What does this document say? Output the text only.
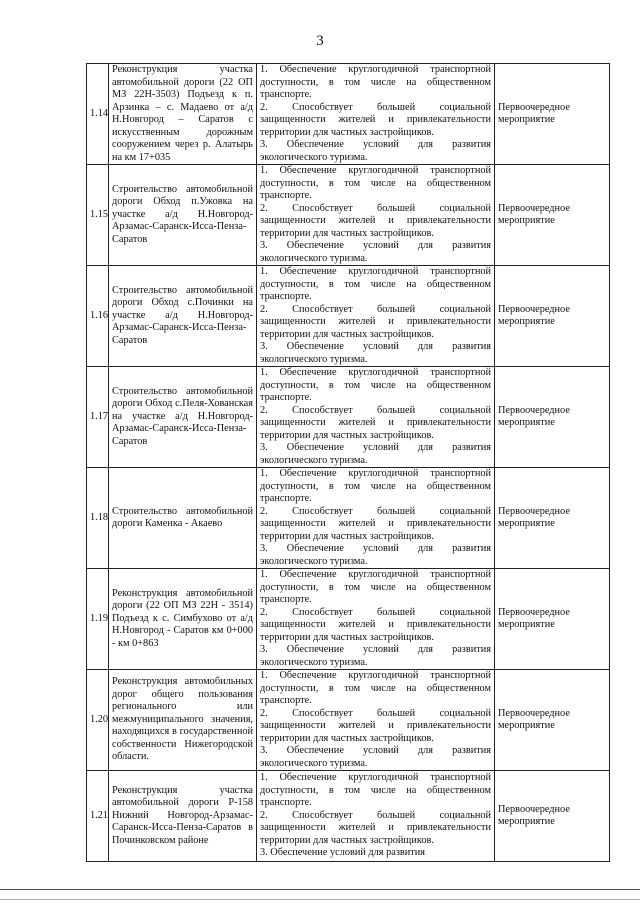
3
1.14	Реконструкция участка автомобильной дороги (22 ОП МЗ 22Н-3503) Подъезд к п. Арзинка – с. Мадаево от а/д Н.Новгород – Саратов с искусственным дорожным сооружением через р. Алатырь на км 17+035	1. Обеспечение круглогодичной транспортной доступности, в том числе на общественном транспорте.
2. Способствует большей социальной защищенности жителей и привлекательности территории для частных застройщиков.
3. Обеспечение условий для развития экологического туризма.	Первоочередное мероприятие
1.15	Строительство автомобильной дороги Обход п.Ужовка на участке а/д Н.Новгород-Арзамас-Саранск-Исса-Пенза-Саратов	1. Обеспечение круглогодичной транспортной доступности, в том числе на общественном транспорте.
2. Способствует большей социальной защищенности жителей и привлекательности территории для частных застройщиков.
3. Обеспечение условий для развития экологического туризма.	Первоочередное мероприятие
1.16	Строительство автомобильной дороги Обход с.Починки на участке а/д Н.Новгород-Арзамас-Саранск-Исса-Пенза-Саратов	1. Обеспечение круглогодичной транспортной доступности, в том числе на общественном транспорте.
2. Способствует большей социальной защищенности жителей и привлекательности территории для частных застройщиков.
3. Обеспечение условий для развития экологического туризма.	Первоочередное мероприятие
1.17	Строительство автомобильной дороги Обход с.Пеля-Хованская на участке а/д Н.Новгород-Арзамас-Саранск-Исса-Пенза-Саратов	1. Обеспечение круглогодичной транспортной доступности, в том числе на общественном транспорте.
2. Способствует большей социальной защищенности жителей и привлекательности территории для частных застройщиков.
3. Обеспечение условий для развития экологического туризма.	Первоочередное мероприятие
1.18	Строительство автомобильной дороги Каменка - Акаево	1. Обеспечение круглогодичной транспортной доступности, в том числе на общественном транспорте.
2. Способствует большей социальной защищенности жителей и привлекательности территории для частных застройщиков.
3. Обеспечение условий для развития экологического туризма.	Первоочередное мероприятие
1.19	Реконструкция автомобильной дороги (22 ОП МЗ 22Н - 3514) Подъезд к с. Симбухово от а/д Н.Новгород - Саратов км 0+000 - км 0+863	1. Обеспечение круглогодичной транспортной доступности, в том числе на общественном транспорте.
2. Способствует большей социальной защищенности жителей и привлекательности территории для частных застройщиков.
3. Обеспечение условий для развития экологического туризма.	Первоочередное мероприятие
1.20	Реконструкция автомобильных дорог общего пользования регионального или межмуниципального значения, находящихся в государственной собственности Нижегородской области.	1. Обеспечение круглогодичной транспортной доступности, в том числе на общественном транспорте.
2. Способствует большей социальной защищенности жителей и привлекательности территории для частных застройщиков.
3. Обеспечение условий для развития экологического туризма.	Первоочередное мероприятие
1.21	Реконструкция участка автомобильной дороги Р-158 Нижний Новгород-Арзамас-Саранск-Исса-Пенза-Саратов в Починковском районе	1. Обеспечение круглогодичной транспортной доступности, в том числе на общественном транспорте.
2. Способствует большей социальной защищенности жителей и привлекательности территории для частных застройщиков.
3. Обеспечение условий для развития	Первоочередное мероприятие
